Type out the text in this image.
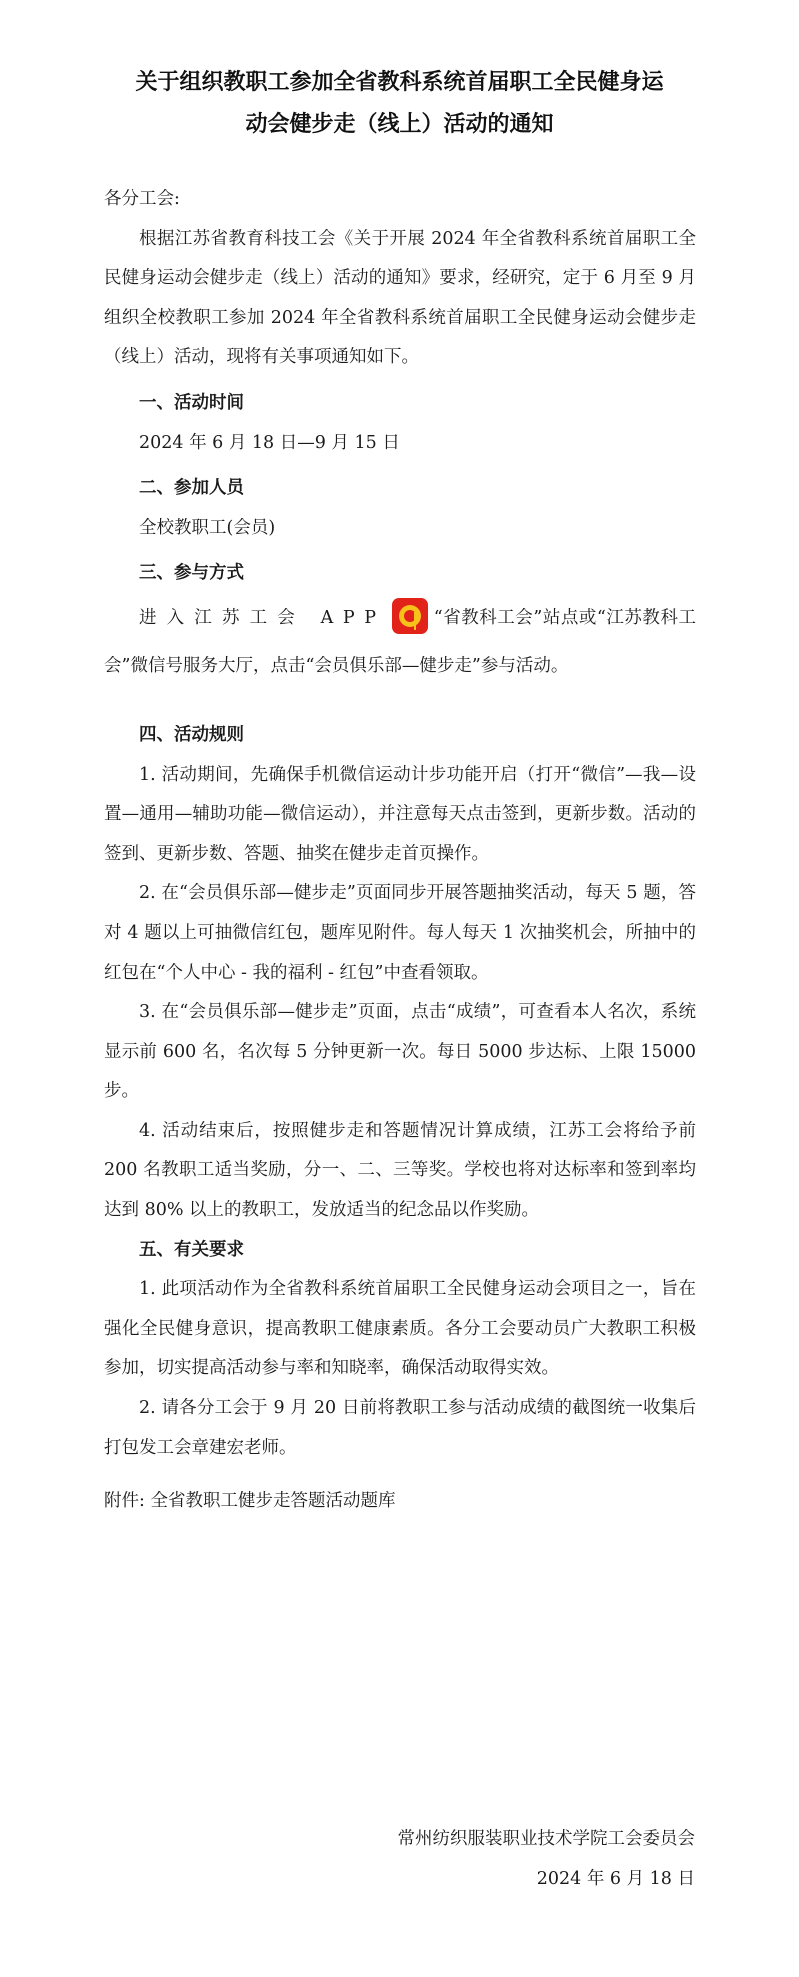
关于组织教职工参加全省教科系统首届职工全民健身运
动会健步走（线上）活动的通知

各分工会:

根据江苏省教育科技工会《关于开展 2024 年全省教科系统首届职工全民健身运动会健步走（线上）活动的通知》要求，经研究，定于 6 月至 9 月组织全校教职工参加 2024 年全省教科系统首届职工全民健身运动会健步走（线上）活动，现将有关事项通知如下。

一、活动时间

2024 年 6 月 18 日—9 月 15 日

二、参加人员

全校教职工(会员)

三、参与方式

进入江苏工会 APP	“省教科工会”站点或“江苏教科工会”微信号服务大厅，点击“会员俱乐部—健步走”参与活动。

四、活动规则

1. 活动期间，先确保手机微信运动计步功能开启（打开“微信”—我—设置—通用—辅助功能—微信运动），并注意每天点击签到，更新步数。活动的签到、更新步数、答题、抽奖在健步走首页操作。

2. 在“会员俱乐部—健步走”页面同步开展答题抽奖活动，每天 5 题，答对 4 题以上可抽微信红包，题库见附件。每人每天 1 次抽奖机会，所抽中的红包在“个人中心 - 我的福利 - 红包”中查看领取。

3. 在“会员俱乐部—健步走”页面，点击“成绩”，可查看本人名次，系统显示前 600 名，名次每 5 分钟更新一次。每日 5000 步达标、上限 15000 步。

4. 活动结束后，按照健步走和答题情况计算成绩，江苏工会将给予前 200 名教职工适当奖励，分一、二、三等奖。学校也将对达标率和签到率均达到 80% 以上的教职工，发放适当的纪念品以作奖励。

五、有关要求

1. 此项活动作为全省教科系统首届职工全民健身运动会项目之一，旨在强化全民健身意识，提高教职工健康素质。各分工会要动员广大教职工积极参加，切实提高活动参与率和知晓率，确保活动取得实效。

2. 请各分工会于 9 月 20 日前将教职工参与活动成绩的截图统一收集后打包发工会章建宏老师。

附件: 全省教职工健步走答题活动题库

常州纺织服装职业技术学院工会委员会
2024 年 6 月 18 日
